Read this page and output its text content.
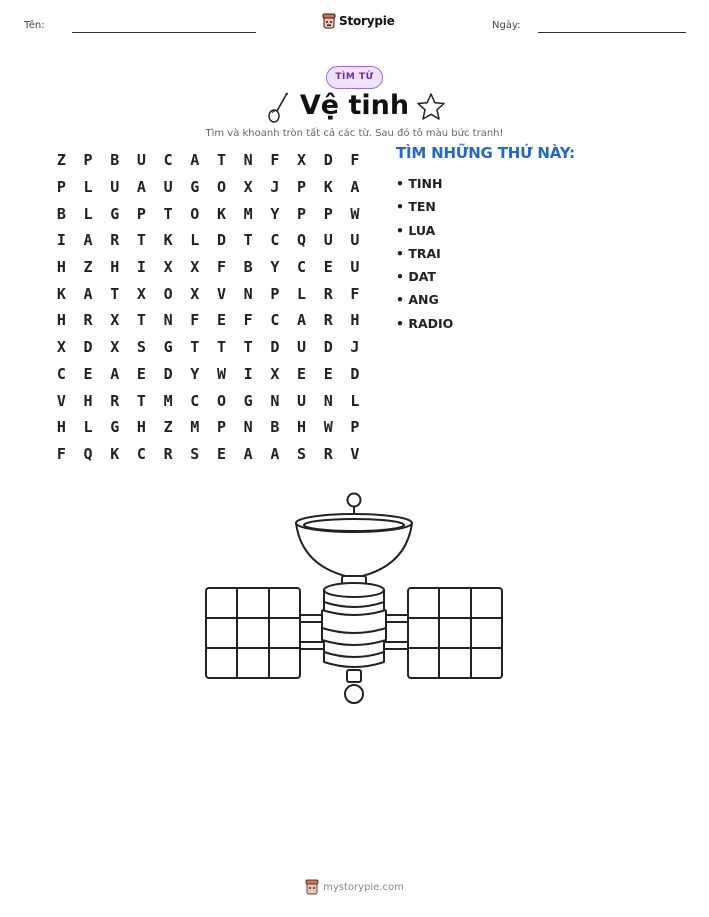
Tên:	Storypie	Ngày:
TÌM TỪ
Vệ tinh
Tìm và khoanh tròn tất cả các từ. Sau đó tô màu bức tranh!
Z	P	B	U	C	A	T	N	F	X	D	F
P	L	U	A	U	G	O	X	J	P	K	A
B	L	G	P	T	O	K	M	Y	P	P	W
I	A	R	T	K	L	D	T	C	Q	U	U
H	Z	H	I	X	X	F	B	Y	C	E	U
K	A	T	X	O	X	V	N	P	L	R	F
H	R	X	T	N	F	E	F	C	A	R	H
X	D	X	S	G	T	T	T	D	U	D	J
C	E	A	E	D	Y	W	I	X	E	E	D
V	H	R	T	M	C	O	G	N	U	N	L
H	L	G	H	Z	M	P	N	B	H	W	P
F	Q	K	C	R	S	E	A	A	S	R	V
TÌM NHỮNG THỨ NÀY:
• TINH
• TEN
• LUA
• TRAI
• DAT
• ANG
• RADIO
mystorypie.com
